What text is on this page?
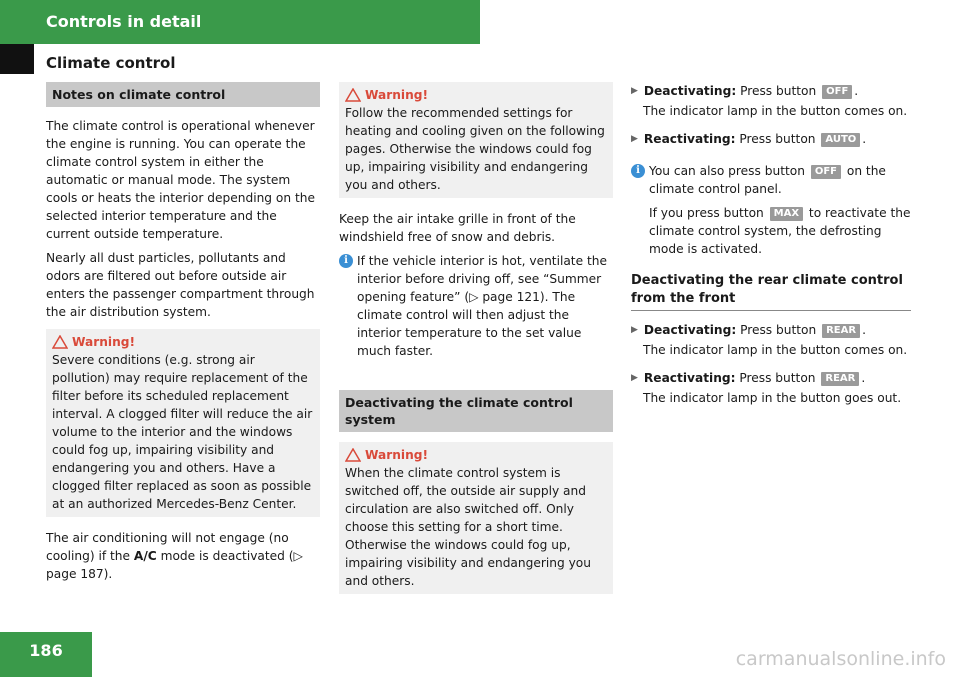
Controls in detail
Climate control
Notes on climate control

The climate control is operational whenever the engine is running. You can operate the climate control system in either the automatic or manual mode. The system cools or heats the interior depending on the selected interior temperature and the current outside temperature.

Nearly all dust particles, pollutants and odors are filtered out before outside air enters the passenger compartment through the air distribution system.

Warning!
Severe conditions (e.g. strong air pollution) may require replacement of the filter before its scheduled replacement interval. A clogged filter will reduce the air volume to the interior and the windows could fog up, impairing visibility and endangering you and others. Have a clogged filter replaced as soon as possible at an authorized Mercedes-Benz Center.

The air conditioning will not engage (no cooling) if the A/C mode is deactivated (▷ page 187).

Warning!
Follow the recommended settings for heating and cooling given on the following pages. Otherwise the windows could fog up, impairing visibility and endangering you and others.

Keep the air intake grille in front of the windshield free of snow and debris.

i If the vehicle interior is hot, ventilate the interior before driving off, see “Summer opening feature” (▷ page 121). The climate control will then adjust the interior temperature to the set value much faster.
Deactivating the climate control system
Warning!
When the climate control system is switched off, the outside air supply and circulation are also switched off. Only choose this setting for a short time. Otherwise the windows could fog up, impairing visibility and endangering you and others.
▶ Deactivating: Press button OFF .
The indicator lamp in the button comes on.
▶ Reactivating: Press button AUTO .
i You can also press button OFF on the climate control panel.
If you press button MAX to reactivate the climate control system, the defrosting mode is activated.
Deactivating the rear climate control from the front
▶ Deactivating: Press button REAR .
The indicator lamp in the button comes on.
▶ Reactivating: Press button REAR .
The indicator lamp in the button goes out.
186	carmanualsonline.info
